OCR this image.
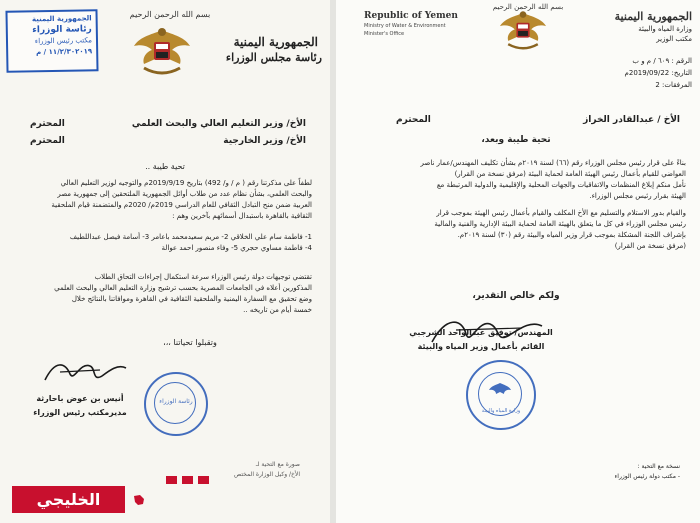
الجمهورية اليمنية
رئاسة الوزراء
مكتب رئيس الوزراء
١١/٢/٣٠٢٠١٩ / م
بسم الله الرحمن الرحيم
الجمهورية اليمنية
رئاسة مجلس الوزراء
الأخ/ وزير التعليم العالي والبحث العلمي
المحترم
الأخ/ وزير الخارجية
المحترم
تحية طيبة ..
لطفاً على مذكرتنا رقم ( م / و/ 492) بتاريخ 2019/9/19م والتوجيه لوزير التعليم العالي
والبحث العلمي، بشأن نظام عدد من طلاب أوائل الجمهورية الملتحقين إلى جمهورية مصر
العربية ضمن منح التبادل الثقافي للعام الدراسي 2019م/ 2020م والمتضمنة قيام الملحقية
الثقافية بالقاهرة باستبدال أسمائهم بآخرين وهم :
1- فاطمة سام علي الخلاقي 2- مريم سعيدمحمد باعامر 3- أسامة فيصل عبداللطيف
4- فاطمة مساوي حجري 5- وفاء منصور احمد عوالة
تقتضي توجيهات دولة رئيس الوزراء سرعة استكمال إجراءات التحاق الطلاب
المذكورين أعلاه في الجامعات المصرية بحسب ترشيح وزارة التعليم العالي والبحث العلمي
وضع تحقيق مع السفارة اليمنية والملحقية الثقافية في القاهرة وموافاتنا بالنتائج خلال
خمسة أيام من تاريخه ..
وتقبلوا تحياتنا ،،،
أنيس بن عوض باحارثة
مديرمكتب رئيس الوزراء
رئاسة الوزراء
صورة مع التحية لـ
الأخ/ وكيل الوزارة المختص
الخليجي
Republic of Yemen
Ministry of Water & Environment
Minister's Office
بسم الله الرحمن الرحيم
الجمهورية اليمنية
وزارة المياه والبيئة
مكتب الوزير
الرقم : ٦٠٩ / م و ب
التاريخ: 2019/09/22م
المرفقات: 2
الأخ / عبدالقادر الخراز
المحترم
تحية طيبة وبعد،
بناءً على قرار رئيس مجلس الوزراء رقم (٦٦) لسنة ٢٠١٩م بشأن تكليف المهندس/عمار ناصر
العواضي للقيام بأعمال رئيس الهيئة العامة لحماية البيئة (مرفق نسخة من القرار)
نأمل منكم إبلاغ المنظمات والاتفاقيات والجهات المحلية والإقليمية والدولية المرتبطة مع
الهيئة بقرار رئيس مجلس الوزراء.
والقيام بدور الاستلام والتسليم مع الأخ المكلف والقيام بأعمال رئيس الهيئة بموجب قرار
رئيس مجلس الوزراء في كل ما يتعلق بالهيئة العامة لحماية البيئة الإدارية والفنية والمالية
بإشراف اللجنة المشكلة بموجب قرار وزير المياه والبيئة رقم (٣٠) لسنة ٢٠١٩م.
(مرفق نسخة من القرار)
ولكم خالص التقدير،
المهندس/ توفيق عبدالواحد الشرجبي
القائم بأعمال وزير المياه والبيئة
وزارة المياه والبيئة
نسخة مع التحية :
- مكتب دولة رئيس الوزراء
